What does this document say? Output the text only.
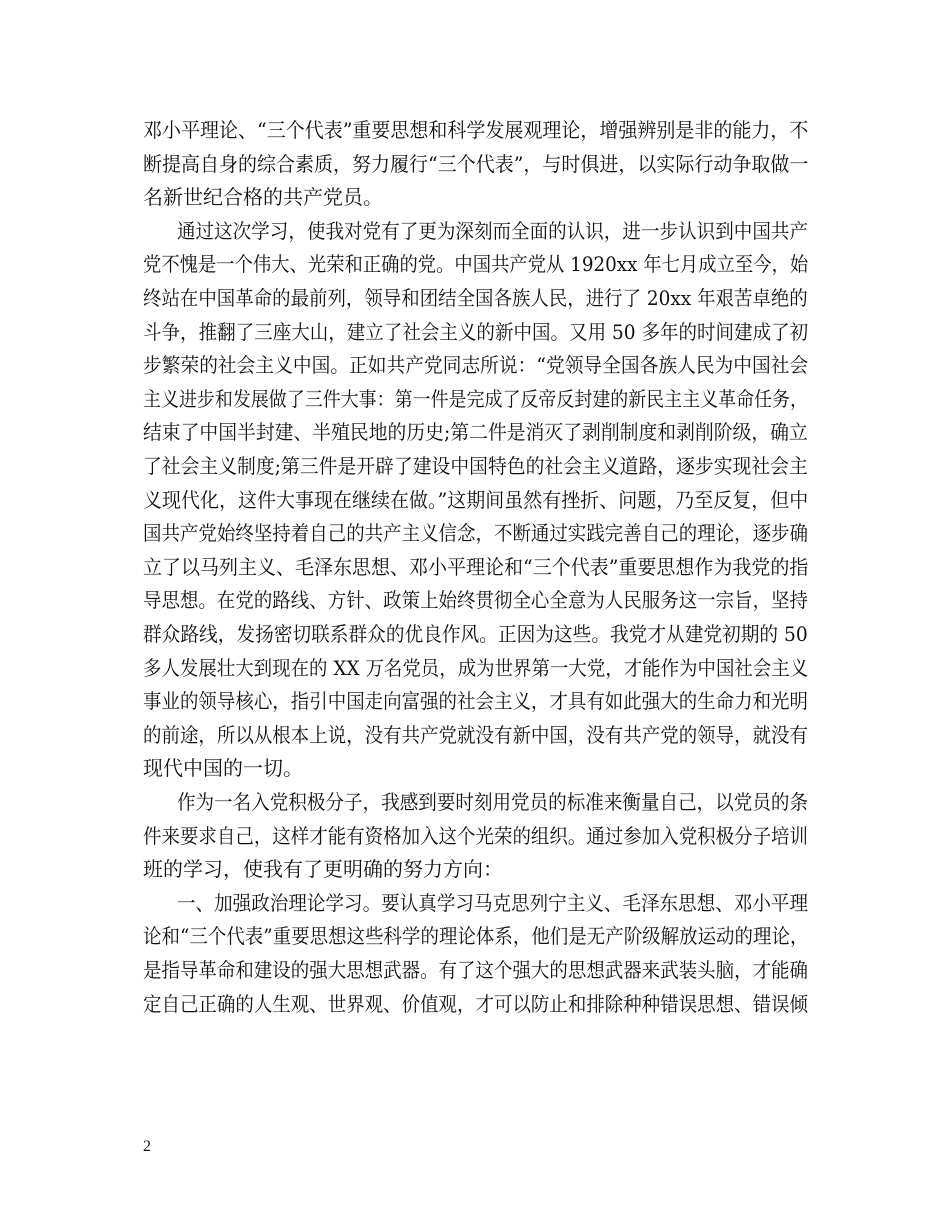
邓小平理论、“三个代表”重要思想和科学发展观理论，增强辨别是非的能力，不
断提高自身的综合素质，努力履行“三个代表”，与时俱进，以实际行动争取做一
名新世纪合格的共产党员。
通过这次学习，使我对党有了更为深刻而全面的认识，进一步认识到中国共产
党不愧是一个伟大、光荣和正确的党。中国共产党从 1920xx 年七月成立至今，始
终站在中国革命的最前列，领导和团结全国各族人民，进行了 20xx 年艰苦卓绝的
斗争，推翻了三座大山，建立了社会主义的新中国。又用 50 多年的时间建成了初
步繁荣的社会主义中国。正如共产党同志所说：“党领导全国各族人民为中国社会
主义进步和发展做了三件大事：第一件是完成了反帝反封建的新民主主义革命任务，
结束了中国半封建、半殖民地的历史;第二件是消灭了剥削制度和剥削阶级，确立
了社会主义制度;第三件是开辟了建设中国特色的社会主义道路，逐步实现社会主
义现代化，这件大事现在继续在做。”这期间虽然有挫折、问题，乃至反复，但中
国共产党始终坚持着自己的共产主义信念，不断通过实践完善自己的理论，逐步确
立了以马列主义、毛泽东思想、邓小平理论和“三个代表”重要思想作为我党的指
导思想。在党的路线、方针、政策上始终贯彻全心全意为人民服务这一宗旨，坚持
群众路线，发扬密切联系群众的优良作风。正因为这些。我党才从建党初期的 50
多人发展壮大到现在的 XX 万名党员，成为世界第一大党，才能作为中国社会主义
事业的领导核心，指引中国走向富强的社会主义，才具有如此强大的生命力和光明
的前途，所以从根本上说，没有共产党就没有新中国，没有共产党的领导，就没有
现代中国的一切。
作为一名入党积极分子，我感到要时刻用党员的标准来衡量自己，以党员的条
件来要求自己，这样才能有资格加入这个光荣的组织。通过参加入党积极分子培训
班的学习，使我有了更明确的努力方向：
一、加强政治理论学习。要认真学习马克思列宁主义、毛泽东思想、邓小平理
论和“三个代表”重要思想这些科学的理论体系，他们是无产阶级解放运动的理论，
是指导革命和建设的强大思想武器。有了这个强大的思想武器来武装头脑，才能确
定自己正确的人生观、世界观、价值观，才可以防止和排除种种错误思想、错误倾
2
